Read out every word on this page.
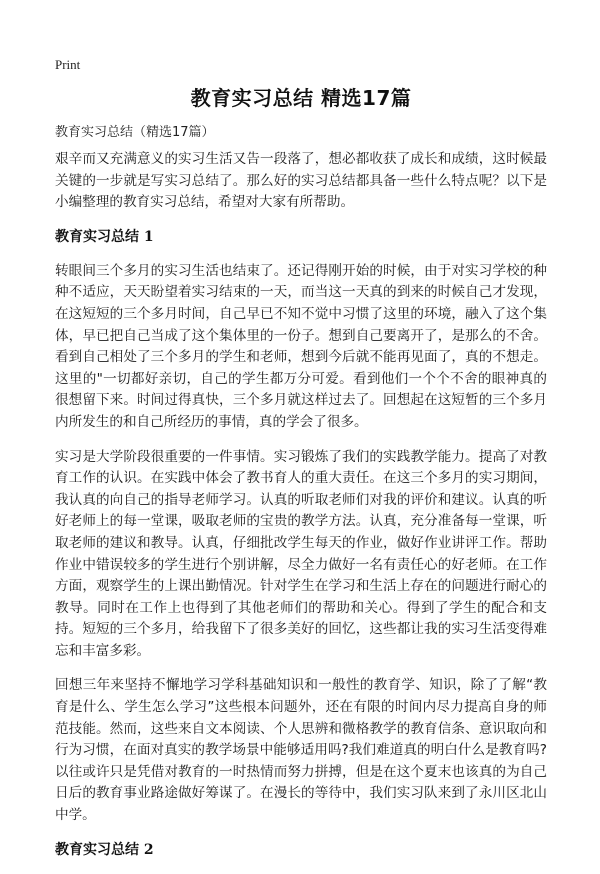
Print
教育实习总结 精选17篇
教育实习总结（精选17篇）

艰辛而又充满意义的实习生活又告一段落了，想必都收获了成长和成绩，这时候最关键的一步就是写实习总结了。那么好的实习总结都具备一些什么特点呢？以下是小编整理的教育实习总结，希望对大家有所帮助。

教育实习总结 1

转眼间三个多月的实习生活也结束了。还记得刚开始的时候，由于对实习学校的种种不适应，天天盼望着实习结束的一天，而当这一天真的到来的时候自己才发现，在这短短的三个多月时间，自己早已不知不觉中习惯了这里的环境，融入了这个集体，早已把自己当成了这个集体里的一份子。想到自己要离开了，是那么的不舍。看到自己相处了三个多月的学生和老师，想到今后就不能再见面了，真的不想走。这里的"一切都好亲切，自己的学生都万分可爱。看到他们一个个不舍的眼神真的很想留下来。时间过得真快，三个多月就这样过去了。回想起在这短暂的三个多月内所发生的和自己所经历的事情，真的学会了很多。

实习是大学阶段很重要的一件事情。实习锻炼了我们的实践教学能力。提高了对教育工作的认识。在实践中体会了教书育人的重大责任。在这三个多月的实习期间，我认真的向自己的指导老师学习。认真的听取老师们对我的评价和建议。认真的听好老师上的每一堂课，吸取老师的宝贵的教学方法。认真，充分准备每一堂课，听取老师的建议和教导。认真，仔细批改学生每天的作业，做好作业讲评工作。帮助作业中错误较多的学生进行个别讲解，尽全力做好一名有责任心的好老师。在工作方面，观察学生的上课出勤情况。针对学生在学习和生活上存在的问题进行耐心的教导。同时在工作上也得到了其他老师们的帮助和关心。得到了学生的配合和支持。短短的三个多月，给我留下了很多美好的回忆，这些都让我的实习生活变得难忘和丰富多彩。

回想三年来坚持不懈地学习学科基础知识和一般性的教育学、知识，除了了解“教育是什么、学生怎么学习”这些根本问题外，还在有限的时间内尽力提高自身的师范技能。然而，这些来自文本阅读、个人思辨和微格教学的教育信条、意识取向和行为习惯，在面对真实的教学场景中能够适用吗?我们难道真的明白什么是教育吗?以往或许只是凭借对教育的一时热情而努力拼搏，但是在这个夏末也该真的为自己日后的教育事业路途做好筹谋了。在漫长的等待中，我们实习队来到了永川区北山中学。

教育实习总结 2
